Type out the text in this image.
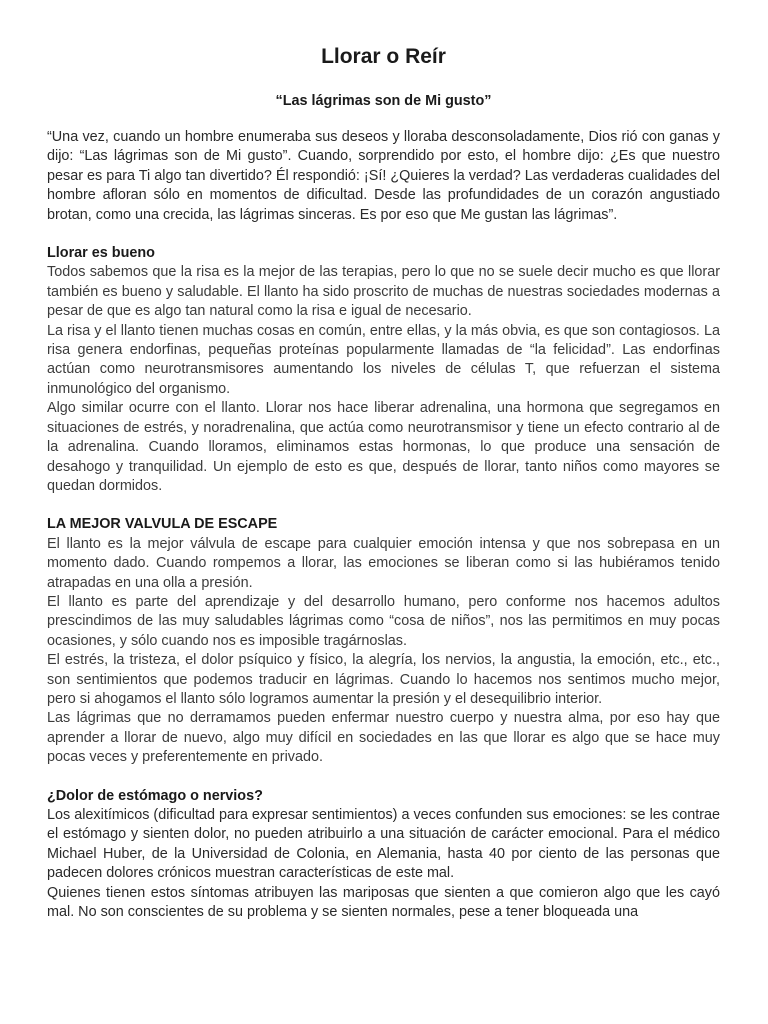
Llorar o Reír

“Las lágrimas son de Mi gusto”

“Una vez, cuando un hombre enumeraba sus deseos y lloraba desconsoladamente, Dios rió con ganas y dijo: “Las lágrimas son de Mi gusto”. Cuando, sorprendido por esto, el hombre dijo: ¿Es que nuestro pesar es para Ti algo tan divertido? Él respondió: ¡Sí! ¿Quieres la verdad? Las verdaderas cualidades del hombre afloran sólo en momentos de dificultad. Desde las profundidades de un corazón angustiado brotan, como una crecida, las lágrimas sinceras. Es por eso que Me gustan las lágrimas”.

Llorar es bueno

Todos sabemos que la risa es la mejor de las terapias, pero lo que no se suele decir mucho es que llorar también es bueno y saludable. El llanto ha sido proscrito de muchas de nuestras sociedades modernas a pesar de que es algo tan natural como la risa e igual de necesario.

La risa y el llanto tienen muchas cosas en común, entre ellas, y la más obvia, es que son contagiosos. La risa genera endorfinas, pequeñas proteínas popularmente llamadas de “la felicidad”. Las endorfinas actúan como neurotransmisores aumentando los niveles de células T, que refuerzan el sistema inmunológico del organismo.

Algo similar ocurre con el llanto. Llorar nos hace liberar adrenalina, una hormona que segregamos en situaciones de estrés, y noradrenalina, que actúa como neurotransmisor y tiene un efecto contrario al de la adrenalina. Cuando lloramos, eliminamos estas hormonas, lo que produce una sensación de desahogo y tranquilidad. Un ejemplo de esto es que, después de llorar, tanto niños como mayores se quedan dormidos.

LA MEJOR VALVULA DE ESCAPE

El llanto es la mejor válvula de escape para cualquier emoción intensa y que nos sobrepasa en un momento dado. Cuando rompemos a llorar, las emociones se liberan como si las hubiéramos tenido atrapadas en una olla a presión.

El llanto es parte del aprendizaje y del desarrollo humano, pero conforme nos hacemos adultos prescindimos de las muy saludables lágrimas como “cosa de niños”, nos las permitimos en muy pocas ocasiones, y sólo cuando nos es imposible tragárnoslas.

El estrés, la tristeza, el dolor psíquico y físico, la alegría, los nervios, la angustia, la emoción, etc., etc., son sentimientos que podemos traducir en lágrimas. Cuando lo hacemos nos sentimos mucho mejor, pero si ahogamos el llanto sólo logramos aumentar la presión y el desequilibrio interior.

Las lágrimas que no derramamos pueden enfermar nuestro cuerpo y nuestra alma, por eso hay que aprender a llorar de nuevo, algo muy difícil en sociedades en las que llorar es algo que se hace muy pocas veces y preferentemente en privado.

¿Dolor de estómago o nervios?

Los alexitímicos (dificultad para expresar sentimientos) a veces confunden sus emociones: se les contrae el estómago y sienten dolor, no pueden atribuirlo a una situación de carácter emocional. Para el médico Michael Huber, de la Universidad de Colonia, en Alemania, hasta 40 por ciento de las personas que padecen dolores crónicos muestran características de este mal.

Quienes tienen estos síntomas atribuyen las mariposas que sienten a que comieron algo que les cayó mal. No son conscientes de su problema y se sienten normales, pese a tener bloqueada una
